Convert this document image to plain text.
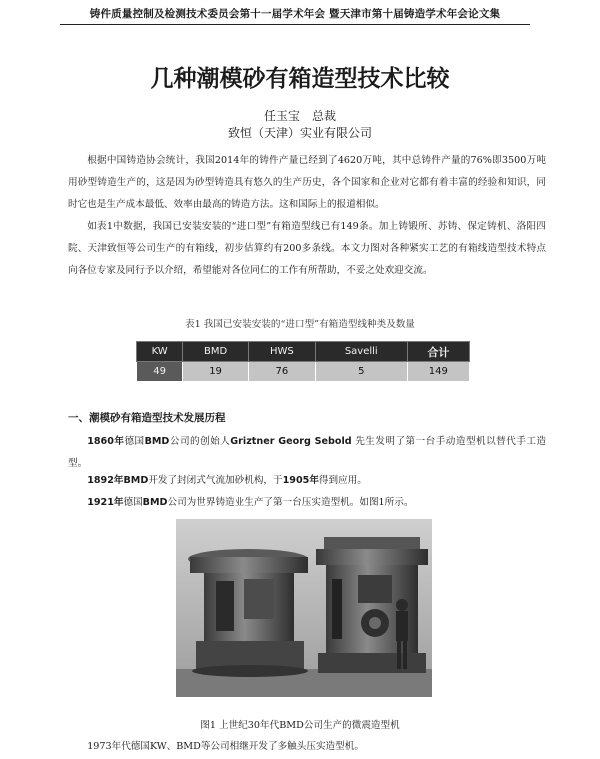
铸件质量控制及检测技术委员会第十一届学术年会 暨天津市第十届铸造学术年会论文集
几种潮模砂有箱造型技术比较
任玉宝　总裁
致恒（天津）实业有限公司

根据中国铸造协会统计，我国2014年的铸件产量已经到了4620万吨，其中总铸件产量的76%即3500万吨用砂型铸造生产的，这是因为砂型铸造具有悠久的生产历史，各个国家和企业对它都有着丰富的经验和知识，同时它也是生产成本最低、效率由最高的铸造方法。这和国际上的报道相似。

如表1中数据，我国已安装安装的“进口型”有箱造型线已有149条。加上铸锻所、苏铸、保定铸机、洛阳四院、天津致恒等公司生产的有箱线，初步估算约有200多条线。本文力图对各种紧实工艺的有箱线造型技术特点向各位专家及同行予以介绍，希望能对各位同仁的工作有所帮助，不妥之处欢迎交流。

表1 我国已安装安装的“进口型”有箱造型线种类及数量
KW	BMD	HWS	Savelli	合计
49	19	76	5	149
一、潮模砂有箱造型技术发展历程

1860年德国BMD公司的创始人Griztner Georg Sebold 先生发明了第一台手动造型机以替代手工造型。

1892年BMD开发了封闭式气流加砂机构，于1905年得到应用。

1921年德国BMD公司为世界铸造业生产了第一台压实造型机。如图1所示。

图1 上世纪30年代BMD公司生产的微震造型机

1973年代德国KW、BMD等公司相继开发了多触头压实造型机。
